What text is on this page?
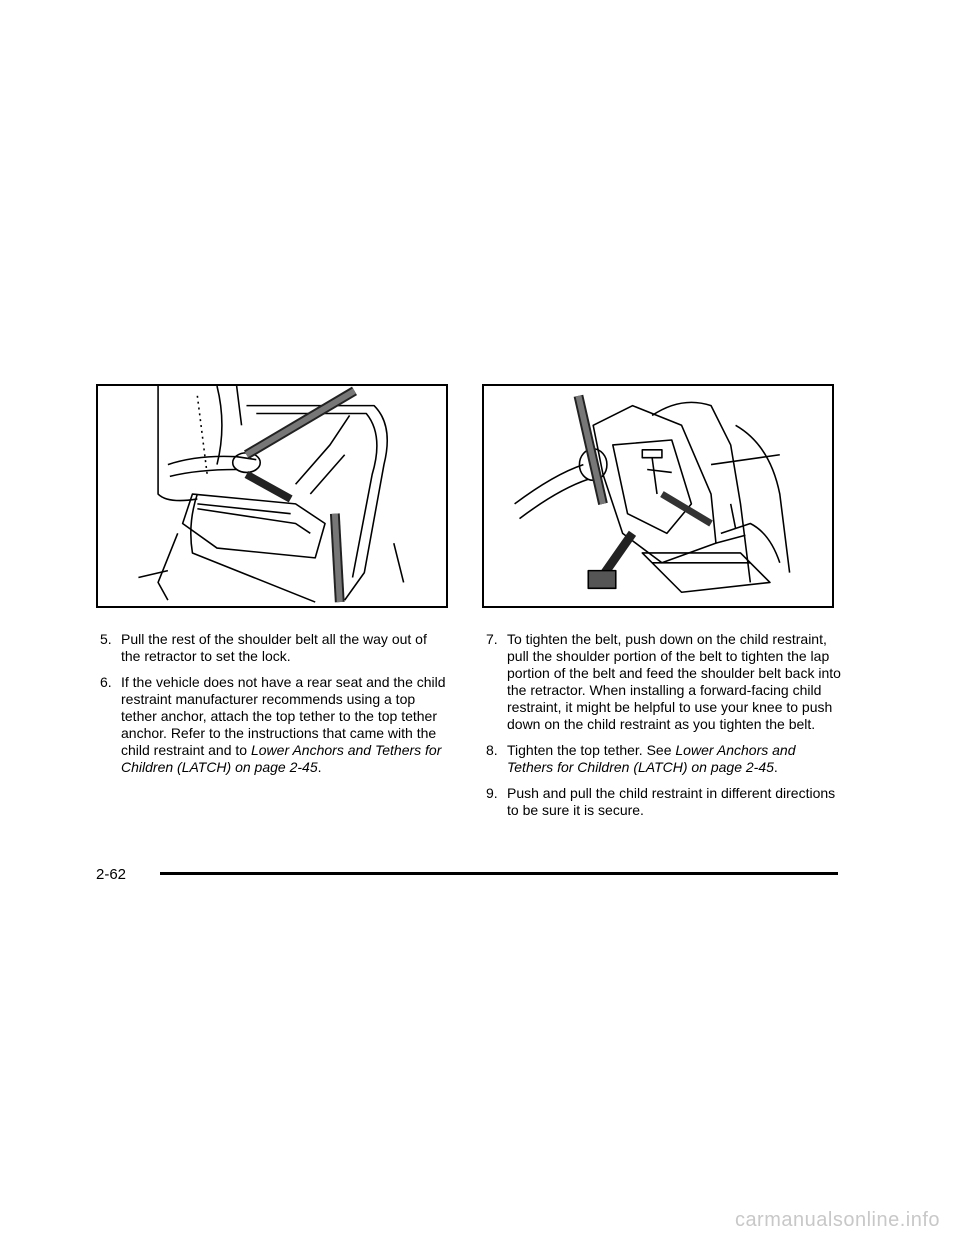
5. Pull the rest of the shoulder belt all the way out of the retractor to set the lock.
6. If the vehicle does not have a rear seat and the child restraint manufacturer recommends using a top tether anchor, attach the top tether to the top tether anchor. Refer to the instructions that came with the child restraint and to Lower Anchors and Tethers for Children (LATCH) on page 2-45.
7. To tighten the belt, push down on the child restraint, pull the shoulder portion of the belt to tighten the lap portion of the belt and feed the shoulder belt back into the retractor. When installing a forward-facing child restraint, it might be helpful to use your knee to push down on the child restraint as you tighten the belt.
8. Tighten the top tether. See Lower Anchors and Tethers for Children (LATCH) on page 2-45.
9. Push and pull the child restraint in different directions to be sure it is secure.
2-62
carmanualsonline.info
